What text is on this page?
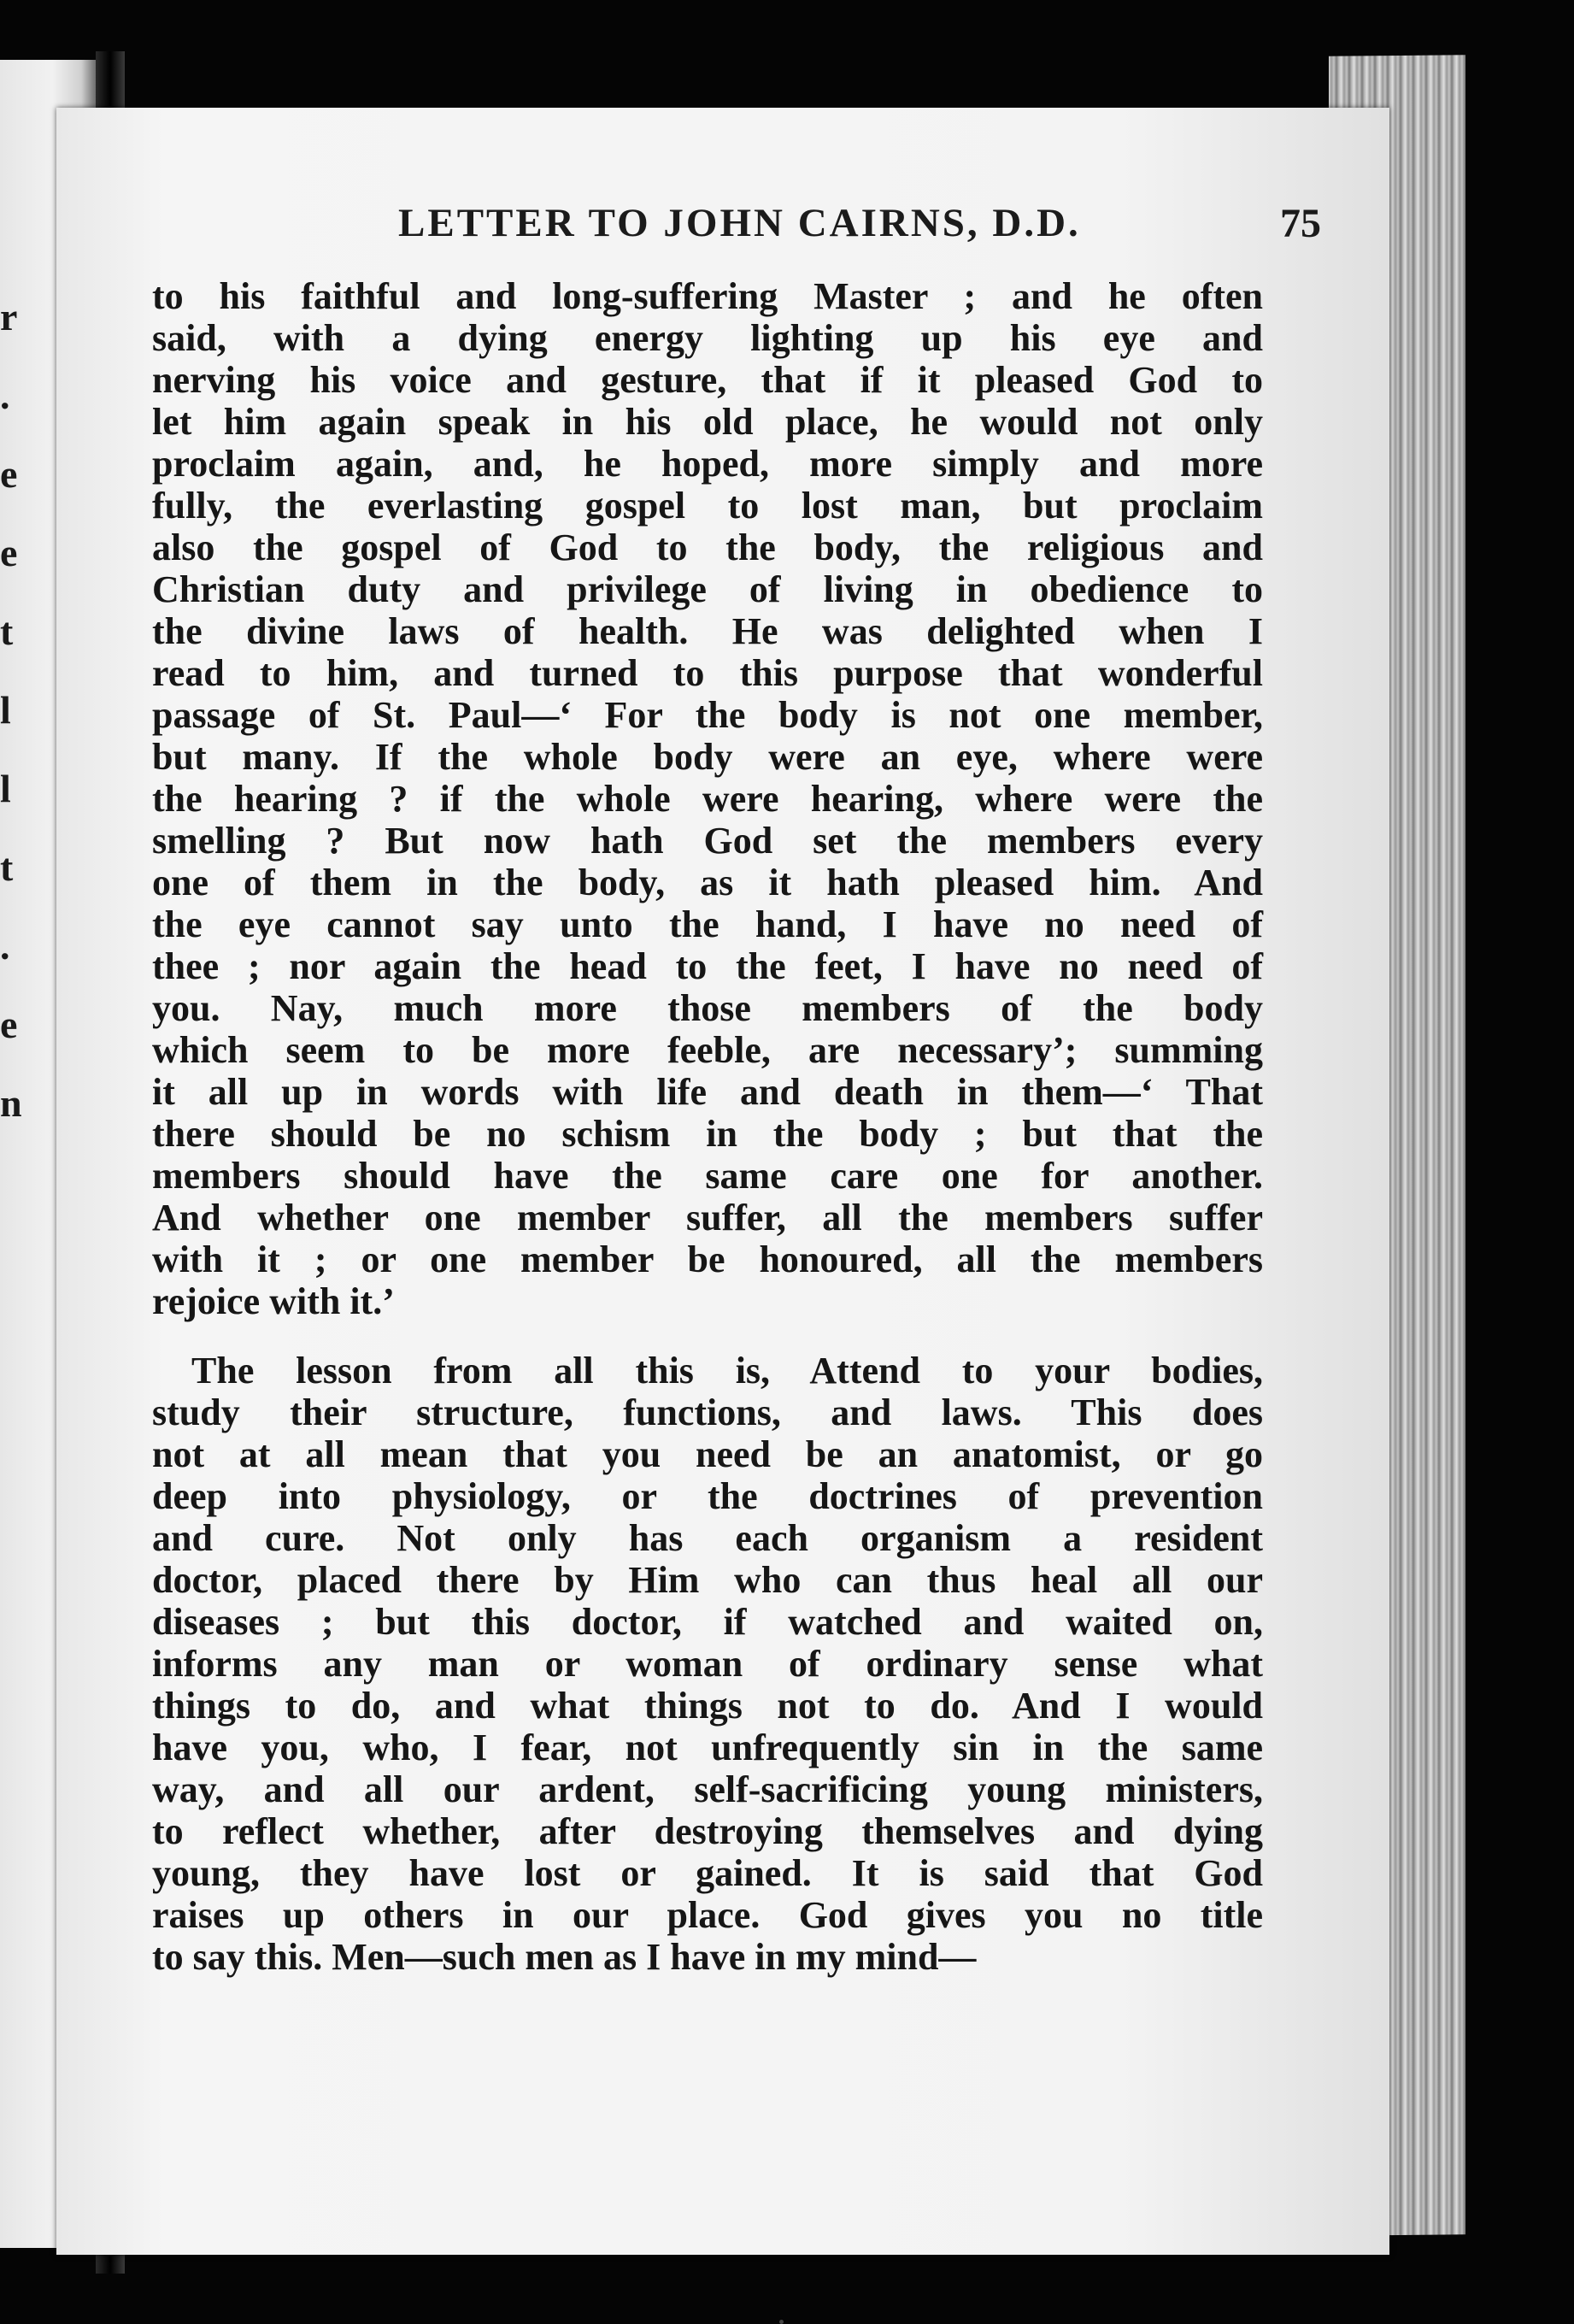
r
.
e
e
t
l
l
t
.
e
n
LETTER TO JOHN CAIRNS, D.D.	75
to his faithful and long-suffering Master ; and he often
said, with a dying energy lighting up his eye and
nerving his voice and gesture, that if it pleased God to
let him again speak in his old place, he would not only
proclaim again, and, he hoped, more simply and more
fully, the everlasting gospel to lost man, but proclaim
also the gospel of God to the body, the religious and
Christian duty and privilege of living in obedience to
the divine laws of health. He was delighted when I
read to him, and turned to this purpose that wonderful
passage of St. Paul—‘ For the body is not one member,
but many. If the whole body were an eye, where were
the hearing ? if the whole were hearing, where were the
smelling ? But now hath God set the members every
one of them in the body, as it hath pleased him. And
the eye cannot say unto the hand, I have no need of
thee ; nor again the head to the feet, I have no need of
you. Nay, much more those members of the body
which seem to be more feeble, are necessary’; summing
it all up in words with life and death in them—‘ That
there should be no schism in the body ; but that the
members should have the same care one for another.
And whether one member suffer, all the members suffer
with it ; or one member be honoured, all the members
rejoice with it.’
The lesson from all this is, Attend to your bodies,
study their structure, functions, and laws. This does
not at all mean that you need be an anatomist, or go
deep into physiology, or the doctrines of prevention
and cure. Not only has each organism a resident
doctor, placed there by Him who can thus heal all our
diseases ; but this doctor, if watched and waited on,
informs any man or woman of ordinary sense what
things to do, and what things not to do. And I would
have you, who, I fear, not unfrequently sin in the same
way, and all our ardent, self-sacrificing young ministers,
to reflect whether, after destroying themselves and dying
young, they have lost or gained. It is said that God
raises up others in our place. God gives you no title
to say this. Men—such men as I have in my mind—
